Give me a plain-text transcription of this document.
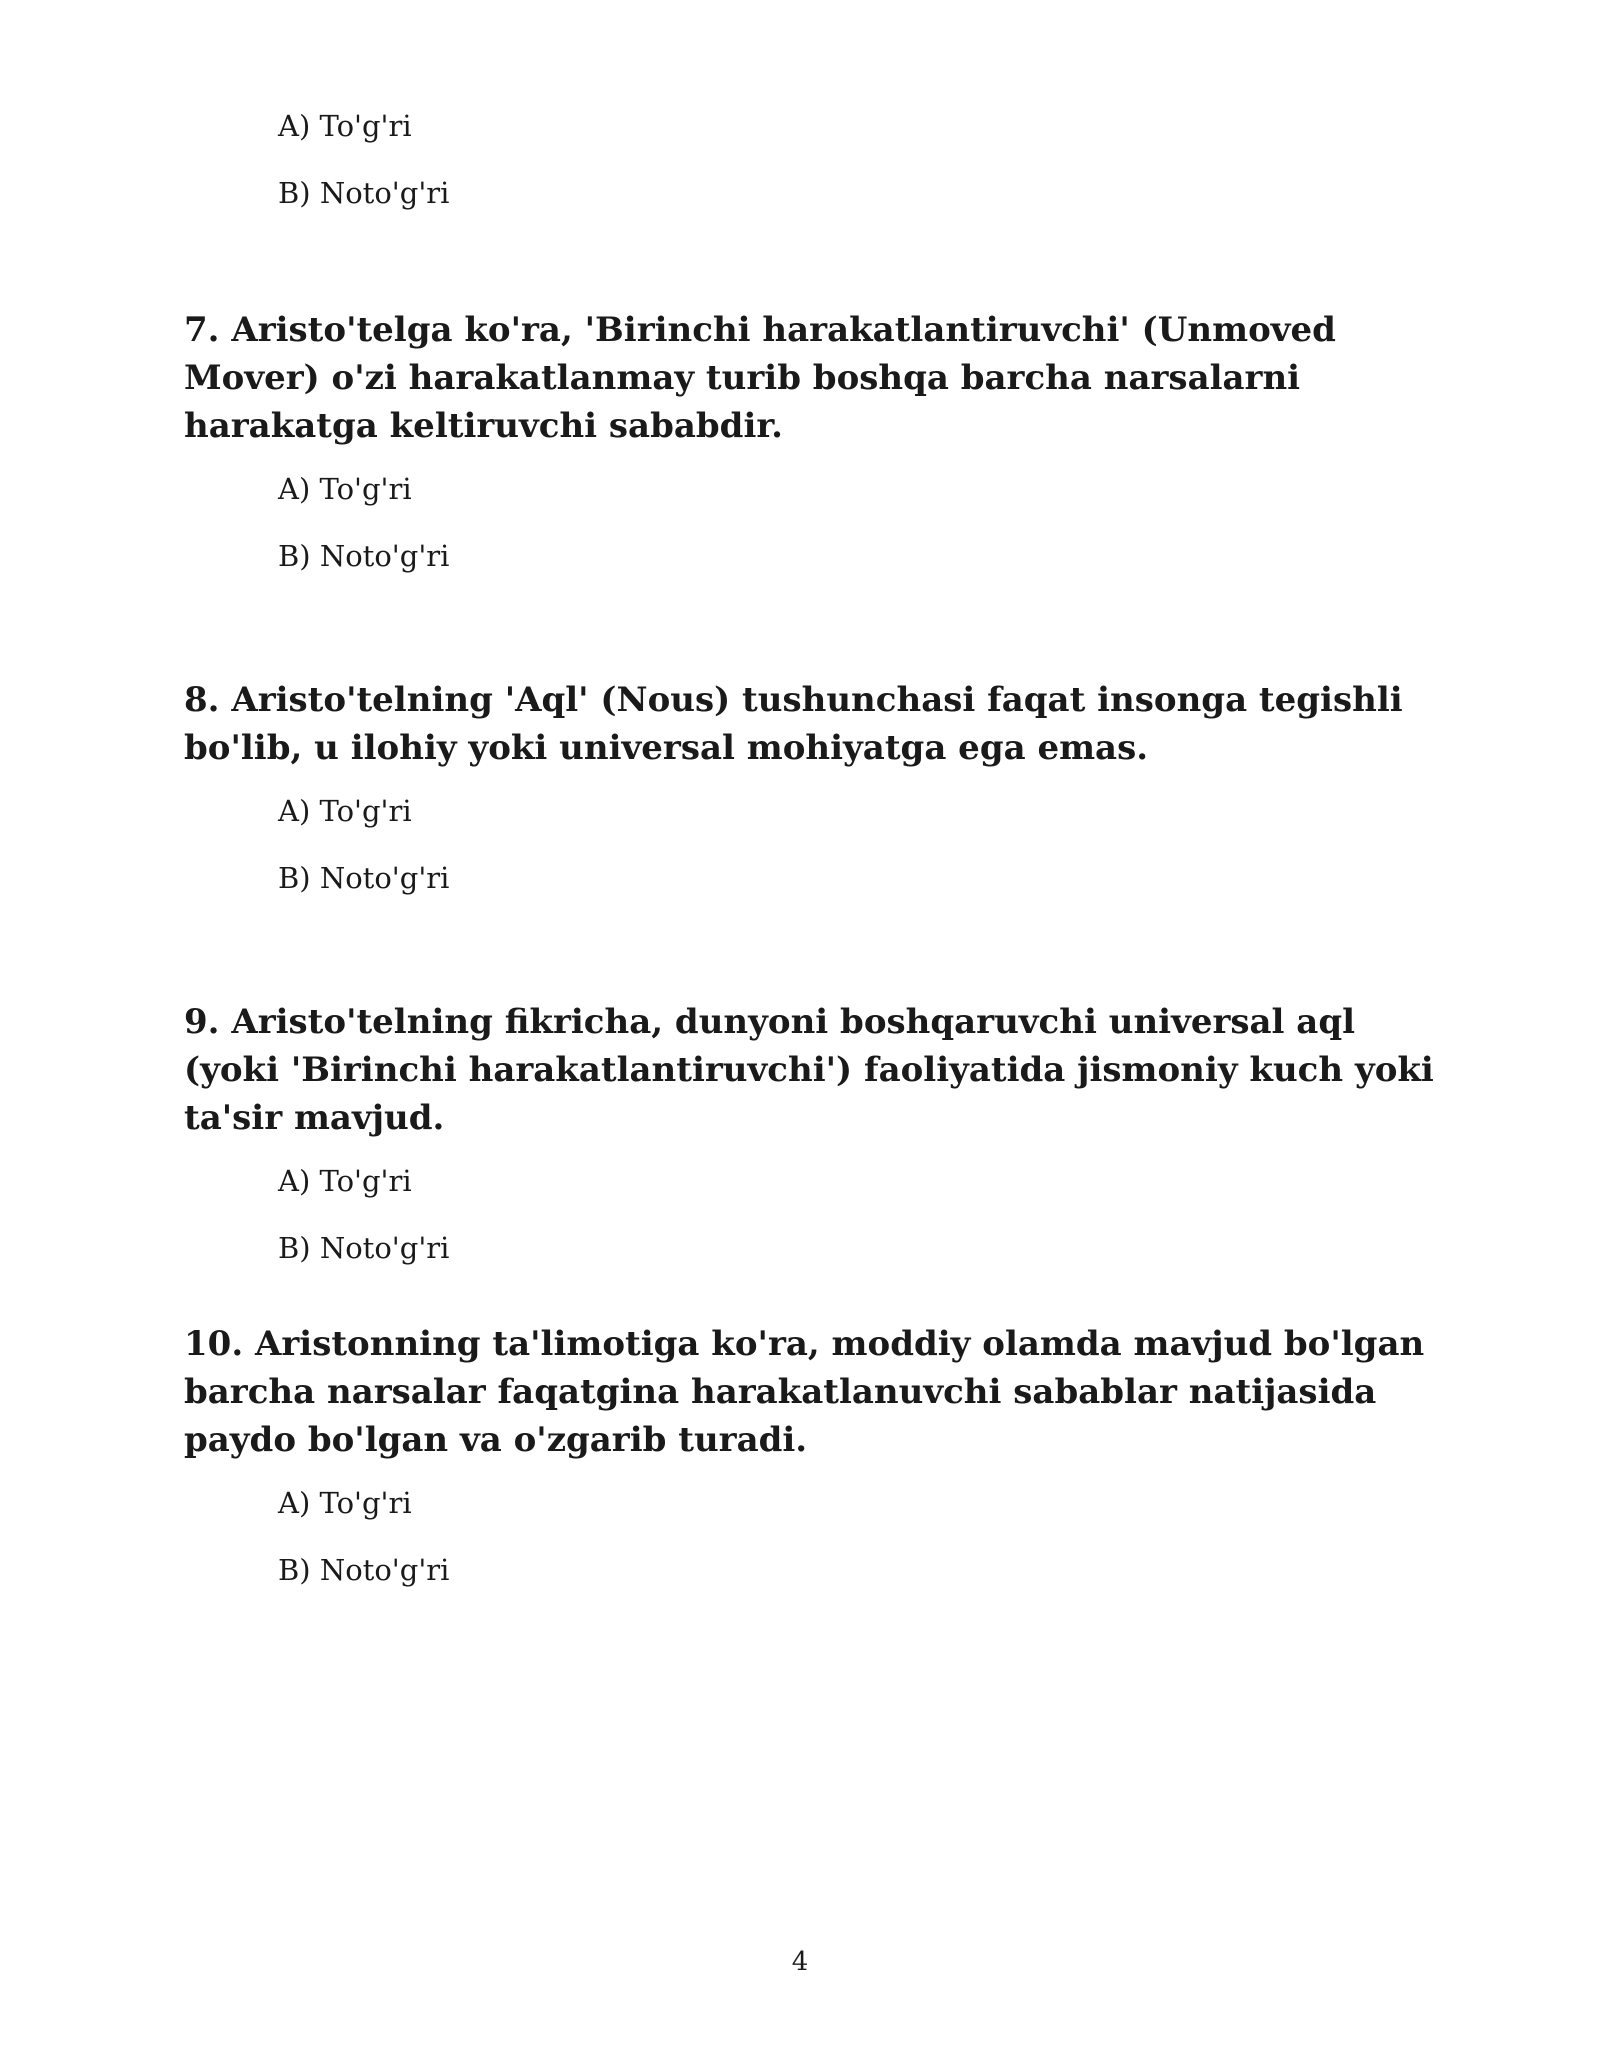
A) To'g'ri
B) Noto'g'ri

7. Aristo'telga ko'ra, 'Birinchi harakatlantiruvchi' (Unmoved Mover) o'zi harakatlanmay turib boshqa barcha narsalarni harakatga keltiruvchi sababdir.

A) To'g'ri
B) Noto'g'ri

8. Aristo'telning 'Aql' (Nous) tushunchasi faqat insonga tegishli bo'lib, u ilohiy yoki universal mohiyatga ega emas.

A) To'g'ri
B) Noto'g'ri

9. Aristo'telning fikricha, dunyoni boshqaruvchi universal aql (yoki 'Birinchi harakatlantiruvchi') faoliyatida jismoniy kuch yoki ta'sir mavjud.

A) To'g'ri
B) Noto'g'ri

10. Aristonning ta'limotiga ko'ra, moddiy olamda mavjud bo'lgan barcha narsalar faqatgina harakatlanuvchi sabablar natijasida paydo bo'lgan va o'zgarib turadi.

A) To'g'ri
B) Noto'g'ri
4
